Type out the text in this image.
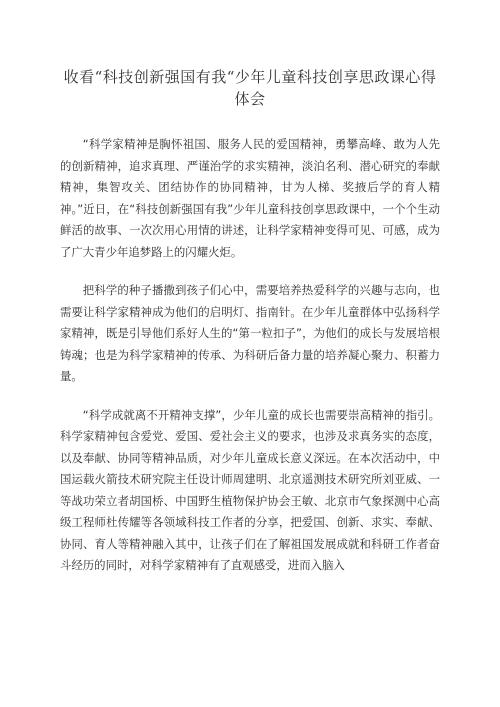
收看“科技创新强国有我“少年儿童科技创享思政课心得体会

“科学家精神是胸怀祖国、服务人民的爱国精神，勇攀高峰、敢为人先的创新精神，追求真理、严谨治学的求实精神，淡泊名利、潜心研究的奉献精神，集智攻关、团结协作的协同精神，甘为人梯、奖掖后学的育人精神。”近日，在“科技创新强国有我”少年儿童科技创享思政课中，一个个生动鲜活的故事、一次次用心用情的讲述，让科学家精神变得可见、可感，成为了广大青少年追梦路上的闪耀火炬。

把科学的种子播撒到孩子们心中，需要培养热爱科学的兴趣与志向，也需要让科学家精神成为他们的启明灯、指南针。在少年儿童群体中弘扬科学家精神，既是引导他们系好人生的“第一粒扣子”，为他们的成长与发展培根铸魂；也是为科学家精神的传承、为科研后备力量的培养凝心聚力、积蓄力量。

“科学成就离不开精神支撑”，少年儿童的成长也需要崇高精神的指引。科学家精神包含爱党、爱国、爱社会主义的要求，也涉及求真务实的态度，以及奉献、协同等精神品质，对少年儿童成长意义深远。在本次活动中，中国运载火箭技术研究院主任设计师周建明、北京遥测技术研究所刘亚威、一等战功荣立者胡国桥、中国野生植物保护协会王敏、北京市气象探测中心高级工程师杜传耀等各领域科技工作者的分享，把爱国、创新、求实、奉献、协同、育人等精神融入其中，让孩子们在了解祖国发展成就和科研工作者奋斗经历的同时，对科学家精神有了直观感受，进而入脑入
